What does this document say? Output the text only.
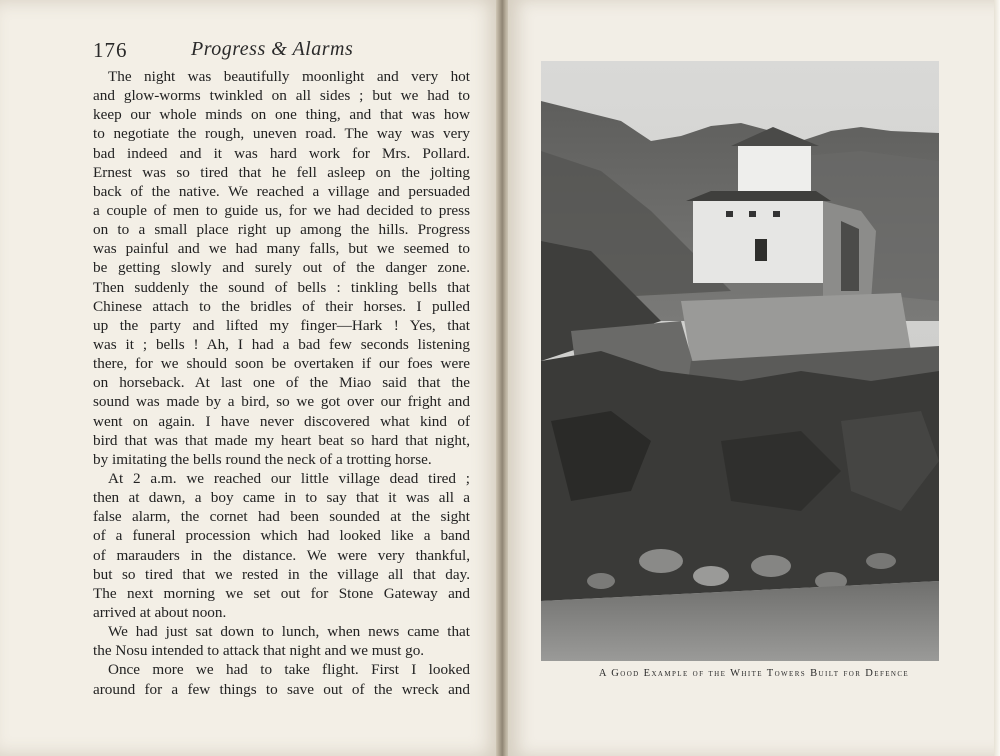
176	Progress & Alarms
The night was beautifully moonlight and very hot
and glow-worms twinkled on all sides ; but we had to
keep our whole minds on one thing, and that was how
to negotiate the rough, uneven road. The way was very
bad indeed and it was hard work for Mrs. Pollard.
Ernest was so tired that he fell asleep on the jolting
back of the native. We reached a village and persuaded
a couple of men to guide us, for we had decided to press
on to a small place right up among the hills. Progress
was painful and we had many falls, but we seemed to
be getting slowly and surely out of the danger zone.
Then suddenly the sound of bells : tinkling bells that
Chinese attach to the bridles of their horses. I pulled
up the party and lifted my finger—Hark ! Yes, that
was it ; bells ! Ah, I had a bad few seconds listening
there, for we should soon be overtaken if our foes were
on horseback. At last one of the Miao said that the
sound was made by a bird, so we got over our fright and
went on again. I have never discovered what kind of
bird that was that made my heart beat so hard that night,
by imitating the bells round the neck of a trotting horse.
At 2 a.m. we reached our little village dead tired ;
then at dawn, a boy came in to say that it was all a
false alarm, the cornet had been sounded at the sight
of a funeral procession which had looked like a band
of marauders in the distance. We were very thankful,
but so tired that we rested in the village all that day.
The next morning we set out for Stone Gateway and
arrived at about noon.
We had just sat down to lunch, when news came that
the Nosu intended to attack that night and we must go.
Once more we had to take flight. First I looked
around for a few things to save out of the wreck and
A Good Example of the White Towers Built for Defence
